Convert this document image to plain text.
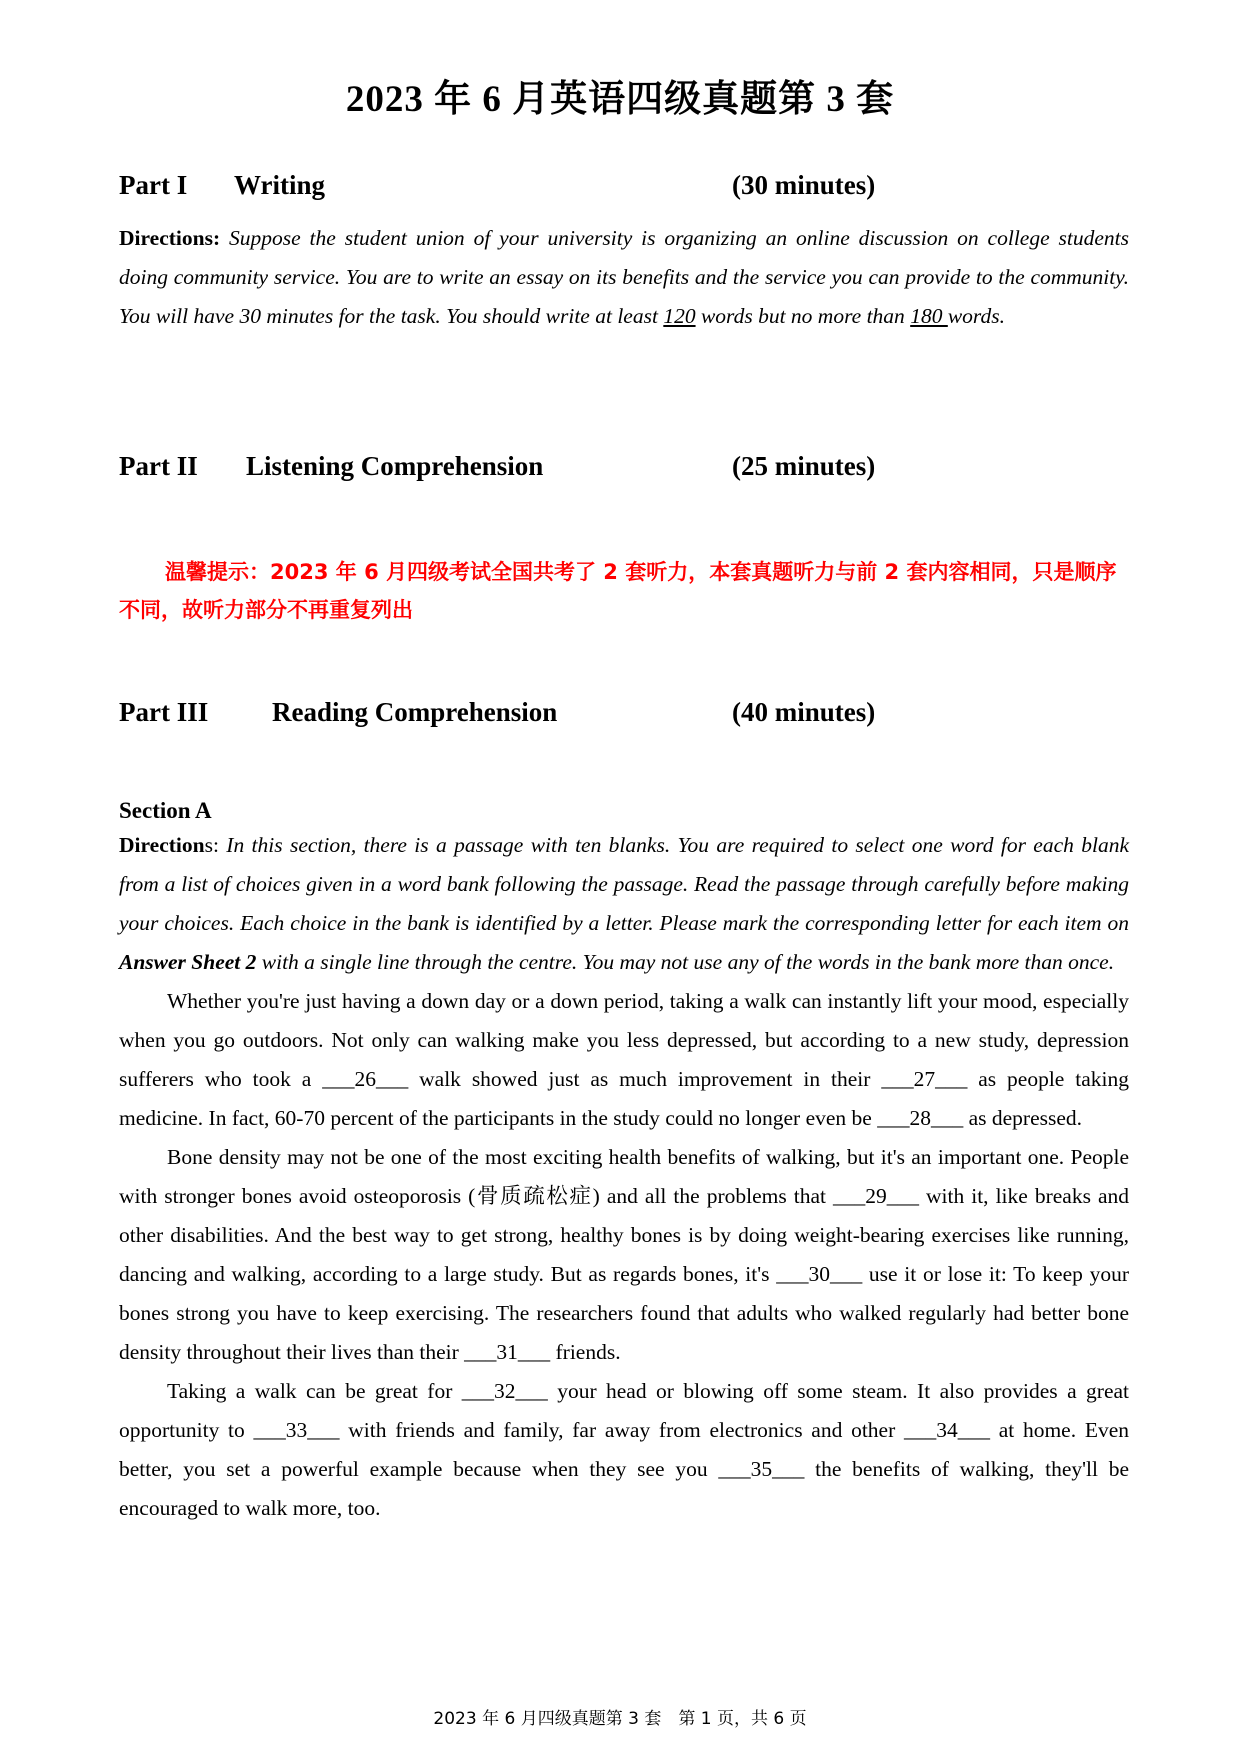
2023 年 6 月英语四级真题第 3 套
Part I Writing	(30 minutes)
Directions: Suppose the student union of your university is organizing an online discussion on college students doing community service. You are to write an essay on its benefits and the service you can provide to the community. You will have 30 minutes for the task. You should write at least 120 words but no more than 180 words.
Part II Listening Comprehension	(25 minutes)
温馨提示：2023 年 6 月四级考试全国共考了 2 套听力，本套真题听力与前 2 套内容相同，只是顺序不同，故听力部分不再重复列出
Part III Reading Comprehension	(40 minutes)
Section A
Directions: In this section, there is a passage with ten blanks. You are required to select one word for each blank from a list of choices given in a word bank following the passage. Read the passage through carefully before making your choices. Each choice in the bank is identified by a letter. Please mark the corresponding letter for each item on Answer Sheet 2 with a single line through the centre. You may not use any of the words in the bank more than once.
Whether you're just having a down day or a down period, taking a walk can instantly lift your mood, especially when you go outdoors. Not only can walking make you less depressed, but according to a new study, depression sufferers who took a ___26___ walk showed just as much improvement in their ___27___ as people taking medicine. In fact, 60-70 percent of the participants in the study could no longer even be ___28___ as depressed.
Bone density may not be one of the most exciting health benefits of walking, but it's an important one. People with stronger bones avoid osteoporosis (骨质疏松症) and all the problems that ___29___ with it, like breaks and other disabilities. And the best way to get strong, healthy bones is by doing weight-bearing exercises like running, dancing and walking, according to a large study. But as regards bones, it's ___30___ use it or lose it: To keep your bones strong you have to keep exercising. The researchers found that adults who walked regularly had better bone density throughout their lives than their ___31___ friends.
Taking a walk can be great for ___32___ your head or blowing off some steam. It also provides a great opportunity to ___33___ with friends and family, far away from electronics and other ___34___ at home. Even better, you set a powerful example because when they see you ___35___ the benefits of walking, they'll be encouraged to walk more, too.
2023 年 6 月四级真题第 3 套　第 1 页，共 6 页
